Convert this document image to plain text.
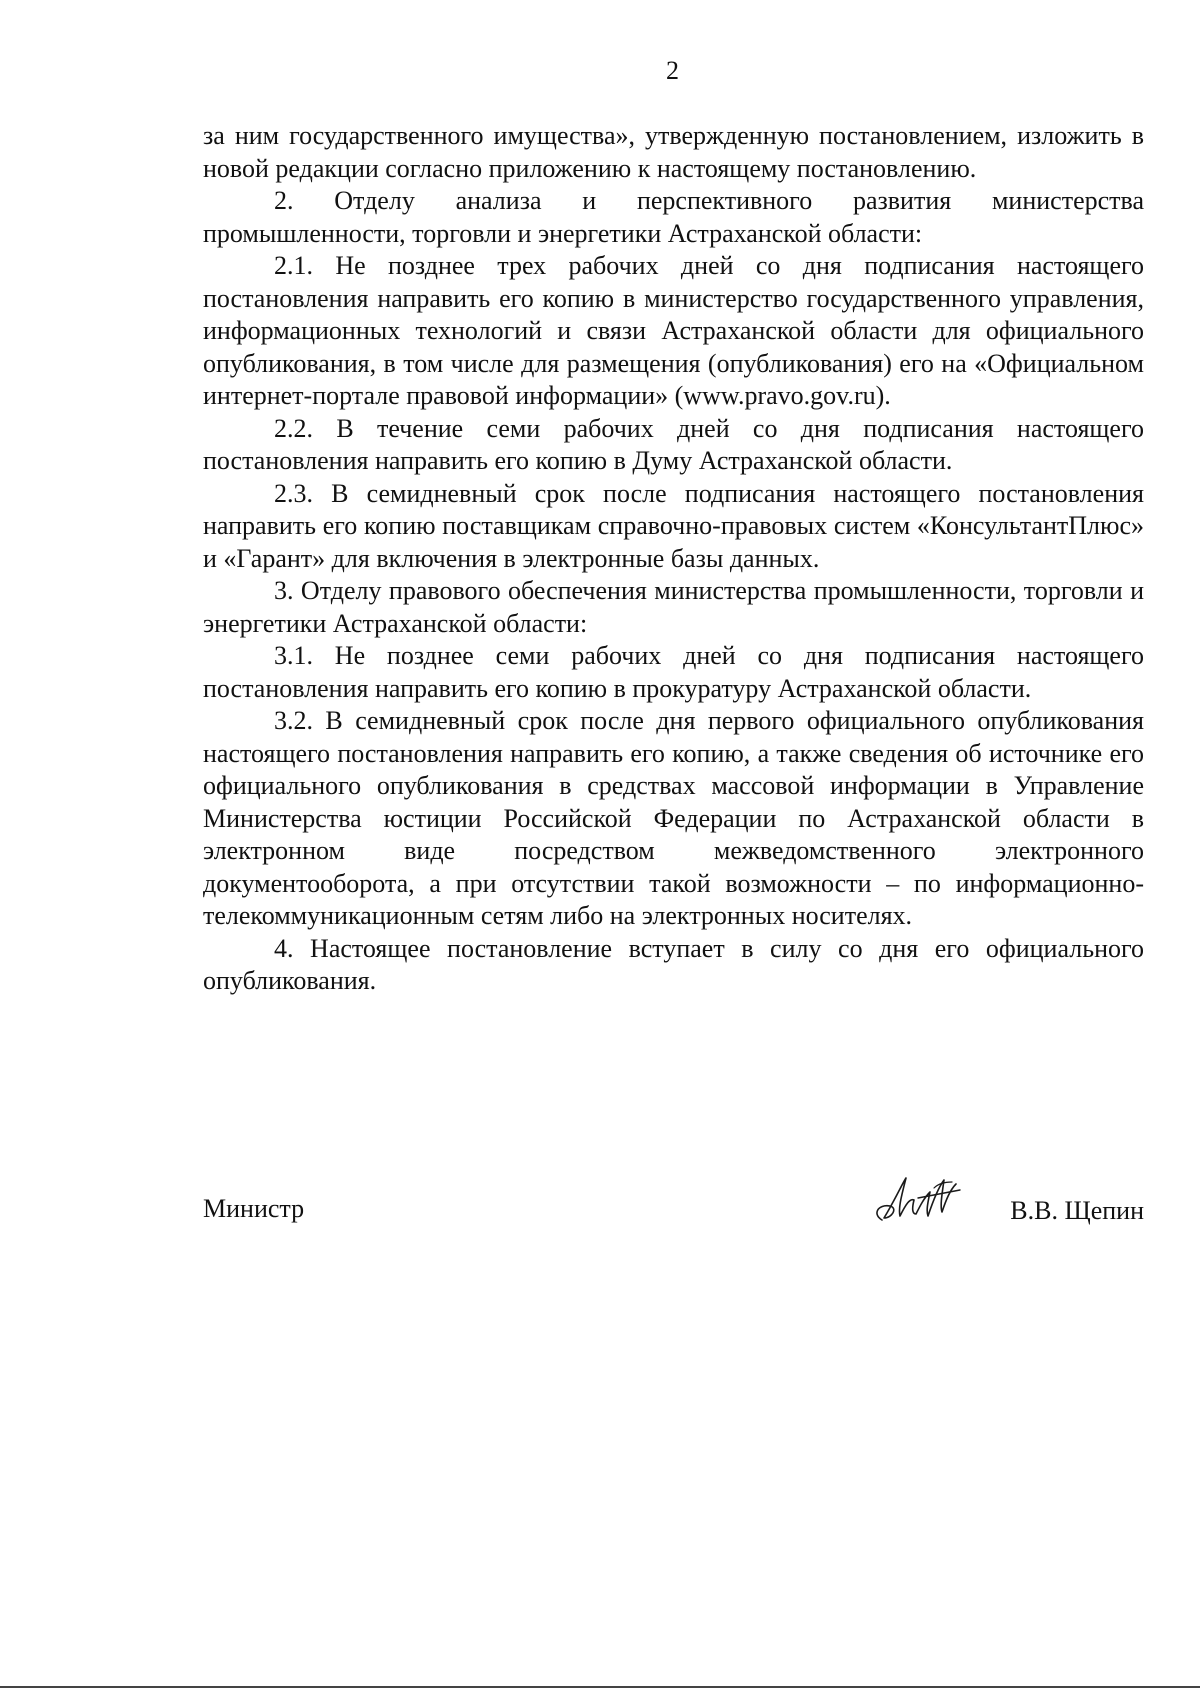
2

за ним государственного имущества», утвержденную постановлением, изложить в новой редакции согласно приложению к настоящему постановлению.

2. Отделу анализа и перспективного развития министерства промышленности, торговли и энергетики Астраханской области:

2.1. Не позднее трех рабочих дней со дня подписания настоящего постановления направить его копию в министерство государственного управления, информационных технологий и связи Астраханской области для официального опубликования, в том числе для размещения (опубликования) его на «Официальном интернет-портале правовой информации» (www.pravo.gov.ru).

2.2. В течение семи рабочих дней со дня подписания настоящего постановления направить его копию в Думу Астраханской области.

2.3. В семидневный срок после подписания настоящего постановления направить его копию поставщикам справочно-правовых систем «КонсультантПлюс» и «Гарант» для включения в электронные базы данных.

3. Отделу правового обеспечения министерства промышленности, торговли и энергетики Астраханской области:

3.1. Не позднее семи рабочих дней со дня подписания настоящего постановления направить его копию в прокуратуру Астраханской области.

3.2. В семидневный срок после дня первого официального опубликования настоящего постановления направить его копию, а также сведения об источнике его официального опубликования в средствах массовой информации в Управление Министерства юстиции Российской Федерации по Астраханской области в электронном виде посредством межведомственного электронного документооборота, а при отсутствии такой возможности – по информационно-телекоммуникационным сетям либо на электронных носителях.

4. Настоящее постановление вступает в силу со дня его официального опубликования.

Министр	В.В. Щепин
